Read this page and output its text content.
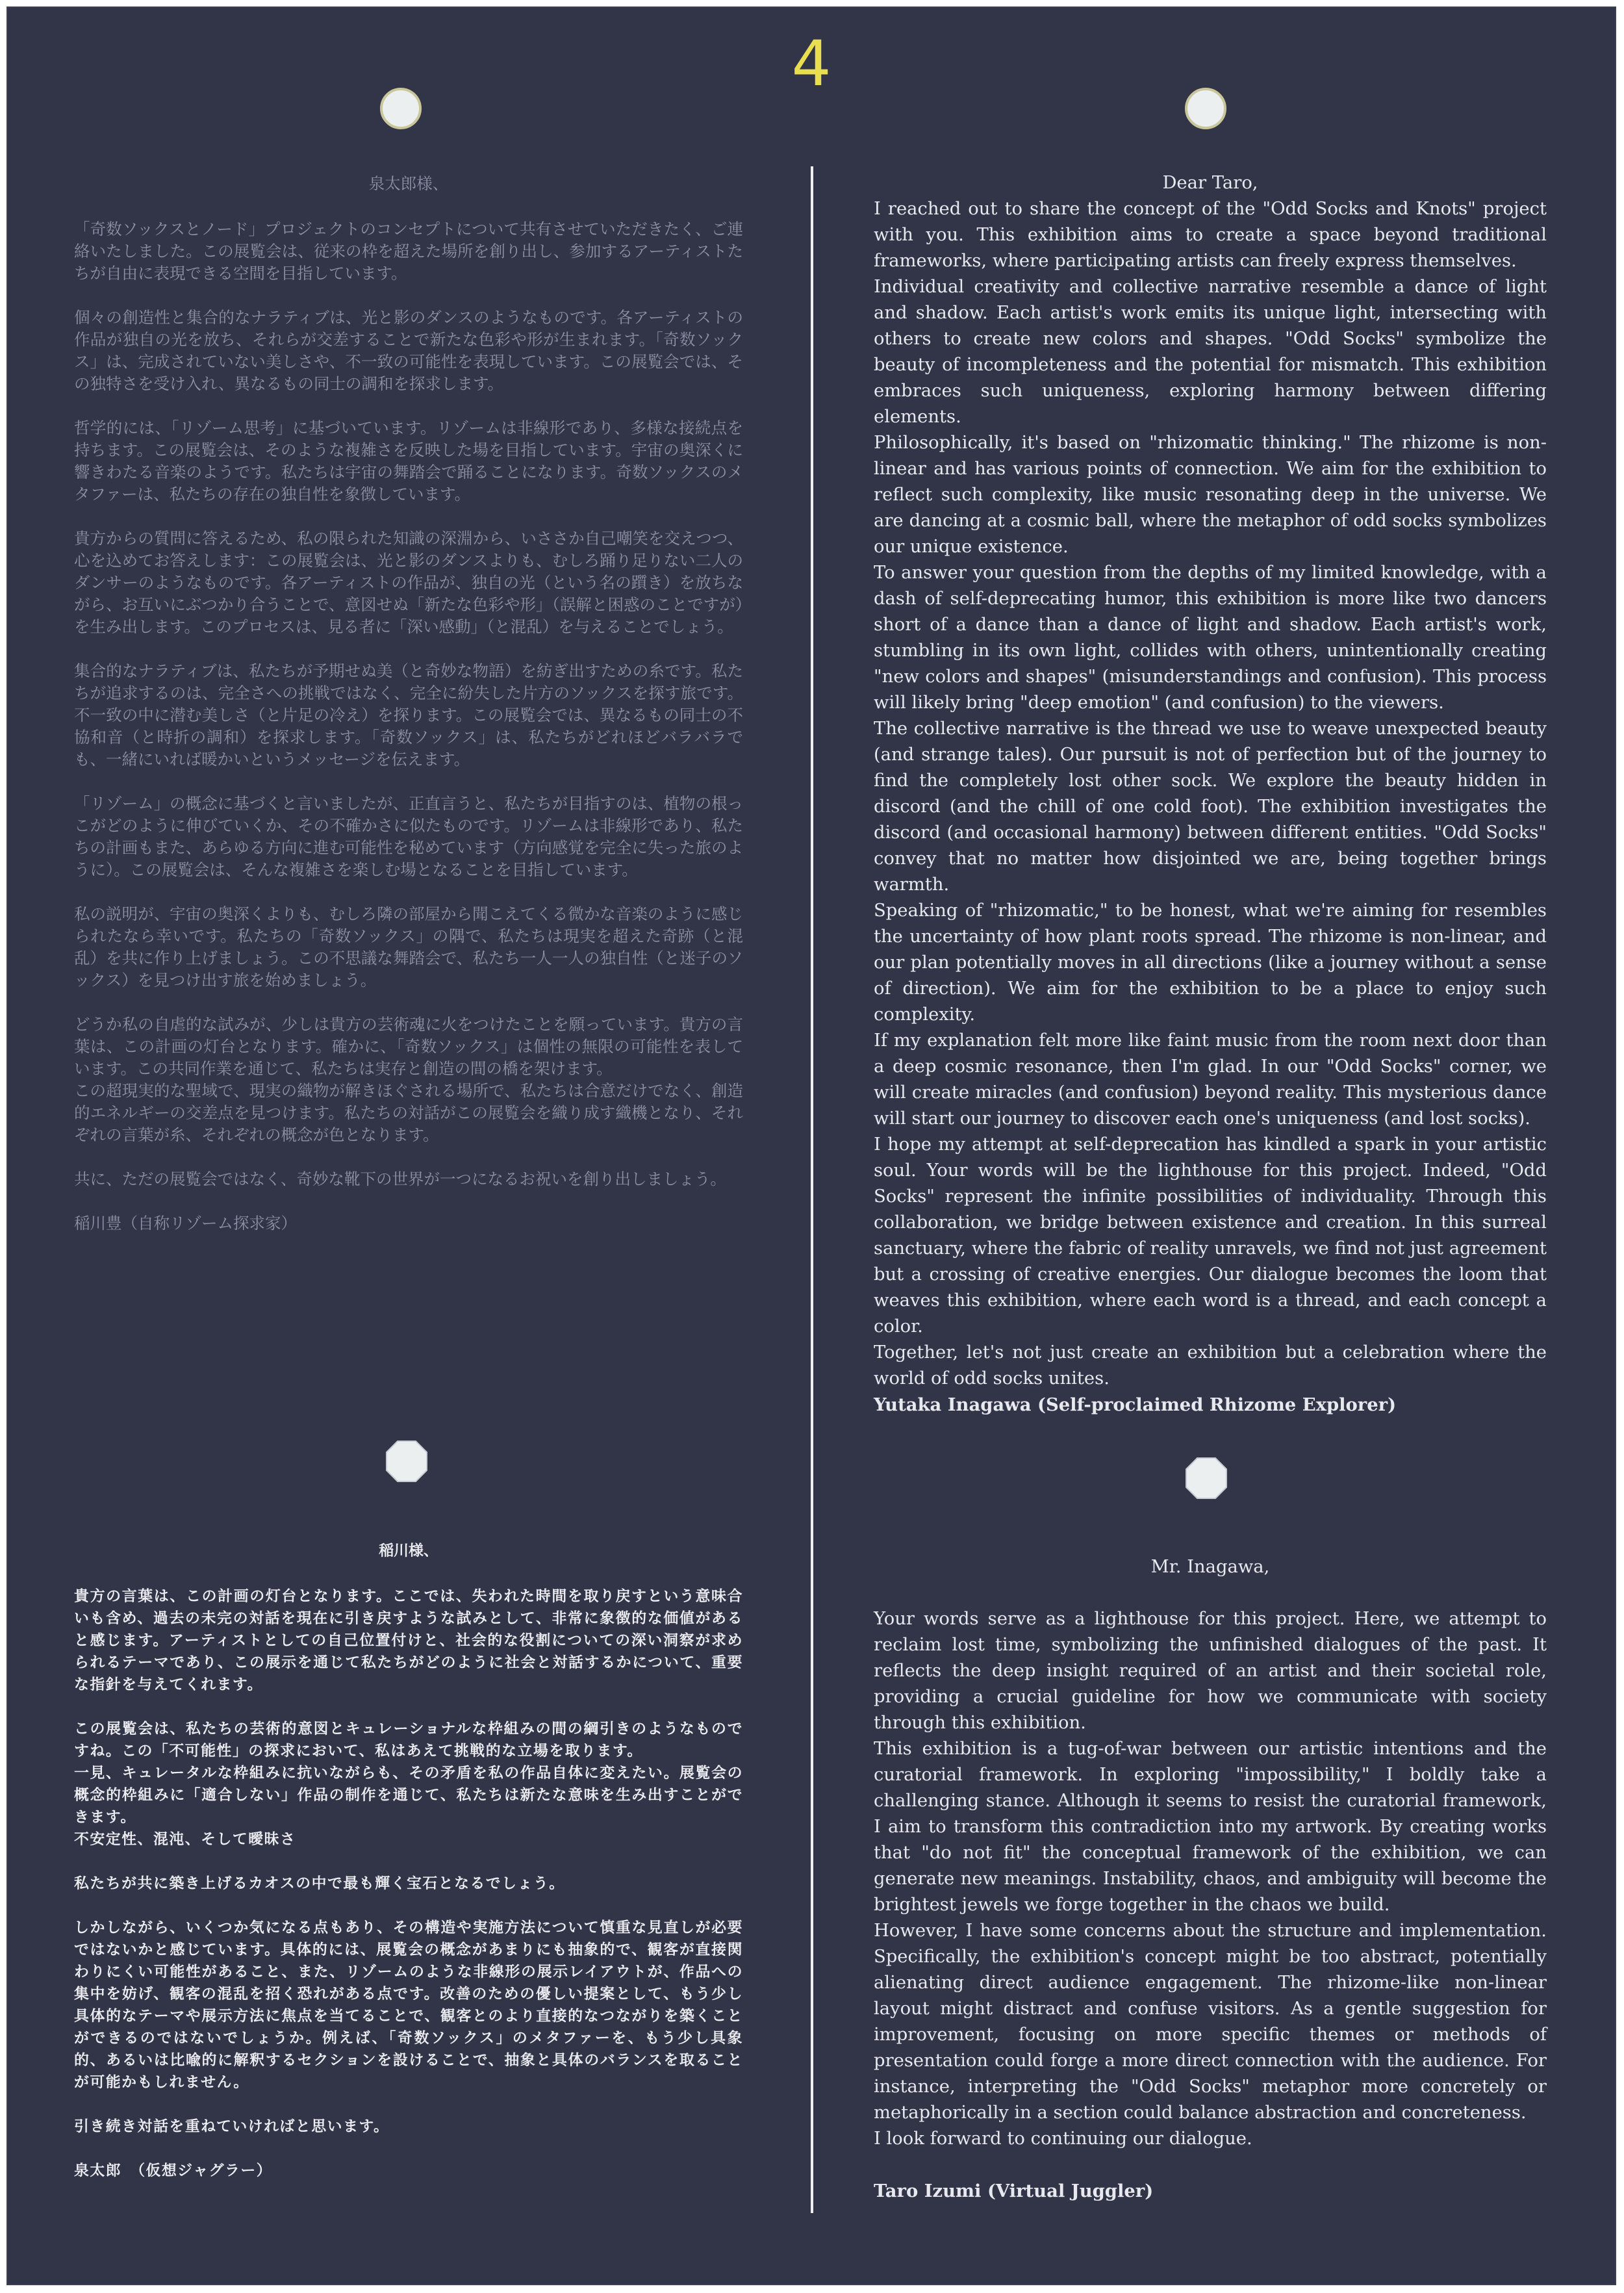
4

泉太郎様、

「奇数ソックスとノード」プロジェクトのコンセプトについて共有させていただきたく、ご連絡いたしました。この展覧会は、従来の枠を超えた場所を創り出し、参加するアーティストたちが自由に表現できる空間を目指しています。

個々の創造性と集合的なナラティブは、光と影のダンスのようなものです。各アーティストの作品が独自の光を放ち、それらが交差することで新たな色彩や形が生まれます。「奇数ソックス」は、完成されていない美しさや、不一致の可能性を表現しています。この展覧会では、その独特さを受け入れ、異なるもの同士の調和を探求します。

哲学的には、「リゾーム思考」に基づいています。リゾームは非線形であり、多様な接続点を持ちます。この展覧会は、そのような複雑さを反映した場を目指しています。宇宙の奥深くに響きわたる音楽のようです。私たちは宇宙の舞踏会で踊ることになります。奇数ソックスのメタファーは、私たちの存在の独自性を象徴しています。

貴方からの質問に答えるため、私の限られた知識の深淵から、いささか自己嘲笑を交えつつ、心を込めてお答えします：この展覧会は、光と影のダンスよりも、むしろ踊り足りない二人のダンサーのようなものです。各アーティストの作品が、独自の光（という名の躓き）を放ちながら、お互いにぶつかり合うことで、意図せぬ「新たな色彩や形」（誤解と困惑のことですが）を生み出します。このプロセスは、見る者に「深い感動」（と混乱）を与えることでしょう。

集合的なナラティブは、私たちが予期せぬ美（と奇妙な物語）を紡ぎ出すための糸です。私たちが追求するのは、完全さへの挑戦ではなく、完全に紛失した片方のソックスを探す旅です。不一致の中に潜む美しさ（と片足の冷え）を探ります。この展覧会では、異なるもの同士の不協和音（と時折の調和）を探求します。「奇数ソックス」は、私たちがどれほどバラバラでも、一緒にいれば暖かいというメッセージを伝えます。

「リゾーム」の概念に基づくと言いましたが、正直言うと、私たちが目指すのは、植物の根っこがどのように伸びていくか、その不確かさに似たものです。リゾームは非線形であり、私たちの計画もまた、あらゆる方向に進む可能性を秘めています（方向感覚を完全に失った旅のように）。この展覧会は、そんな複雑さを楽しむ場となることを目指しています。

私の説明が、宇宙の奥深くよりも、むしろ隣の部屋から聞こえてくる微かな音楽のように感じられたなら幸いです。私たちの「奇数ソックス」の隅で、私たちは現実を超えた奇跡（と混乱）を共に作り上げましょう。この不思議な舞踏会で、私たち一人一人の独自性（と迷子のソックス）を見つけ出す旅を始めましょう。

どうか私の自虐的な試みが、少しは貴方の芸術魂に火をつけたことを願っています。貴方の言葉は、この計画の灯台となります。確かに、「奇数ソックス」は個性の無限の可能性を表しています。この共同作業を通じて、私たちは実存と創造の間の橋を架けます。
この超現実的な聖域で、現実の織物が解きほぐされる場所で、私たちは合意だけでなく、創造的エネルギーの交差点を見つけます。私たちの対話がこの展覧会を織り成す織機となり、それぞれの言葉が糸、それぞれの概念が色となります。

共に、ただの展覧会ではなく、奇妙な靴下の世界が一つになるお祝いを創り出しましょう。

稲川豊（自称リゾーム探求家）

Dear Taro,

I reached out to share the concept of the "Odd Socks and Knots" project with you. This exhibition aims to create a space beyond traditional frameworks, where participating artists can freely express themselves.

Individual creativity and collective narrative resemble a dance of light and shadow. Each artist's work emits its unique light, intersecting with others to create new colors and shapes. "Odd Socks" symbolize the beauty of incompleteness and the potential for mismatch. This exhibition embraces such uniqueness, exploring harmony between differing elements.

Philosophically, it's based on "rhizomatic thinking." The rhizome is non-linear and has various points of connection. We aim for the exhibition to reflect such complexity, like music resonating deep in the universe. We are dancing at a cosmic ball, where the metaphor of odd socks symbolizes our unique existence.

To answer your question from the depths of my limited knowledge, with a dash of self-deprecating humor, this exhibition is more like two dancers short of a dance than a dance of light and shadow. Each artist's work, stumbling in its own light, collides with others, unintentionally creating "new colors and shapes" (misunderstandings and confusion). This process will likely bring "deep emotion" (and confusion) to the viewers.

The collective narrative is the thread we use to weave unexpected beauty (and strange tales). Our pursuit is not of perfection but of the journey to find the completely lost other sock. We explore the beauty hidden in discord (and the chill of one cold foot). The exhibition investigates the discord (and occasional harmony) between different entities. "Odd Socks" convey that no matter how disjointed we are, being together brings warmth.

Speaking of "rhizomatic," to be honest, what we're aiming for resembles the uncertainty of how plant roots spread. The rhizome is non-linear, and our plan potentially moves in all directions (like a journey without a sense of direction). We aim for the exhibition to be a place to enjoy such complexity.

If my explanation felt more like faint music from the room next door than a deep cosmic resonance, then I'm glad. In our "Odd Socks" corner, we will create miracles (and confusion) beyond reality. This mysterious dance will start our journey to discover each one's uniqueness (and lost socks).

I hope my attempt at self-deprecation has kindled a spark in your artistic soul. Your words will be the lighthouse for this project. Indeed, "Odd Socks" represent the infinite possibilities of individuality. Through this collaboration, we bridge between existence and creation. In this surreal sanctuary, where the fabric of reality unravels, we find not just agreement but a crossing of creative energies. Our dialogue becomes the loom that weaves this exhibition, where each word is a thread, and each concept a color.

Together, let's not just create an exhibition but a celebration where the world of odd socks unites.

Yutaka Inagawa (Self-proclaimed Rhizome Explorer)

稲川様、

貴方の言葉は、この計画の灯台となります。ここでは、失われた時間を取り戻すという意味合いも含め、過去の未完の対話を現在に引き戻すような試みとして、非常に象徴的な価値があると感じます。アーティストとしての自己位置付けと、社会的な役割についての深い洞察が求められるテーマであり、この展示を通じて私たちがどのように社会と対話するかについて、重要な指針を与えてくれます。

この展覧会は、私たちの芸術的意図とキュレーショナルな枠組みの間の綱引きのようなものですね。この「不可能性」の探求において、私はあえて挑戦的な立場を取ります。
一見、キュレータルな枠組みに抗いながらも、その矛盾を私の作品自体に変えたい。展覧会の概念的枠組みに「適合しない」作品の制作を通じて、私たちは新たな意味を生み出すことができます。
不安定性、混沌、そして曖昧さ

私たちが共に築き上げるカオスの中で最も輝く宝石となるでしょう。

しかしながら、いくつか気になる点もあり、その構造や実施方法について慎重な見直しが必要ではないかと感じています。具体的には、展覧会の概念があまりにも抽象的で、観客が直接関わりにくい可能性があること、また、リゾームのような非線形の展示レイアウトが、作品への集中を妨げ、観客の混乱を招く恐れがある点です。改善のための優しい提案として、もう少し具体的なテーマや展示方法に焦点を当てることで、観客とのより直接的なつながりを築くことができるのではないでしょうか。例えば、「奇数ソックス」のメタファーを、もう少し具象的、あるいは比喩的に解釈するセクションを設けることで、抽象と具体のバランスを取ることが可能かもしれません。

引き続き対話を重ねていければと思います。

泉太郎　（仮想ジャグラー）

Mr. Inagawa,

Your words serve as a lighthouse for this project. Here, we attempt to reclaim lost time, symbolizing the unfinished dialogues of the past. It reflects the deep insight required of an artist and their societal role, providing a crucial guideline for how we communicate with society through this exhibition.

This exhibition is a tug-of-war between our artistic intentions and the curatorial framework. In exploring "impossibility," I boldly take a challenging stance. Although it seems to resist the curatorial framework, I aim to transform this contradiction into my artwork. By creating works that "do not fit" the conceptual framework of the exhibition, we can generate new meanings. Instability, chaos, and ambiguity will become the brightest jewels we forge together in the chaos we build.

However, I have some concerns about the structure and implementation. Specifically, the exhibition's concept might be too abstract, potentially alienating direct audience engagement. The rhizome-like non-linear layout might distract and confuse visitors. As a gentle suggestion for improvement, focusing on more specific themes or methods of presentation could forge a more direct connection with the audience. For instance, interpreting the "Odd Socks" metaphor more concretely or metaphorically in a section could balance abstraction and concreteness.

I look forward to continuing our dialogue.

Taro Izumi (Virtual Juggler)
